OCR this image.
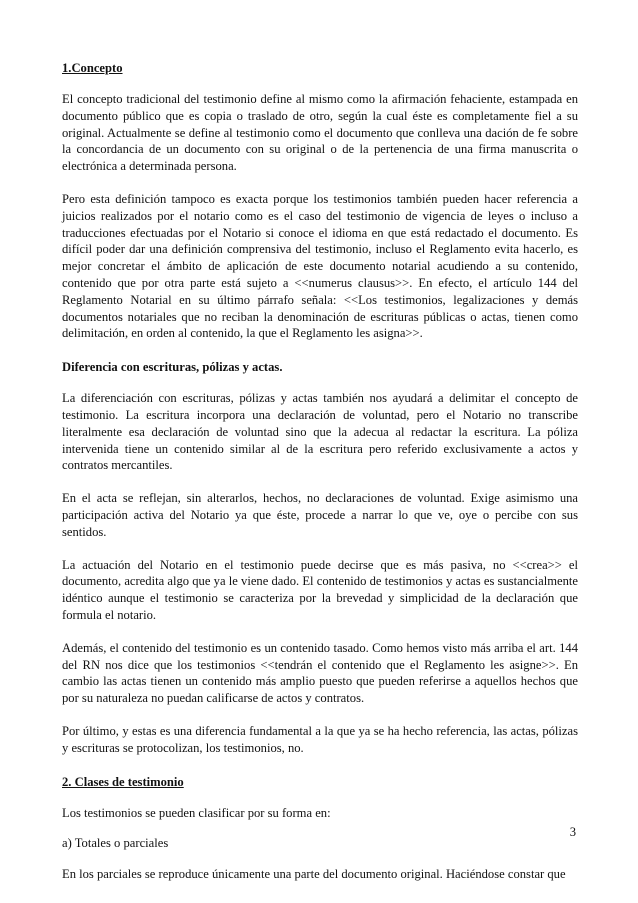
1.Concepto

El concepto tradicional del testimonio define al mismo como la afirmación fehaciente, estampada en documento público que es copia o traslado de otro, según la cual éste es completamente fiel a su original. Actualmente se define al testimonio como el documento que conlleva una dación de fe sobre la concordancia de un documento con su original o de la pertenencia de una firma manuscrita o electrónica a determinada persona.

Pero esta definición tampoco es exacta porque los testimonios también pueden hacer referencia a juicios realizados por el notario como es el caso del testimonio de vigencia de leyes o incluso a traducciones efectuadas por el Notario si conoce el idioma en que está redactado el documento. Es difícil poder dar una definición comprensiva del testimonio, incluso el Reglamento evita hacerlo, es mejor concretar el ámbito de aplicación de este documento notarial acudiendo a su contenido, contenido que por otra parte está sujeto a <<numerus clausus>>. En efecto, el artículo 144 del Reglamento Notarial en su último párrafo señala: <<Los testimonios, legalizaciones y demás documentos notariales que no reciban la denominación de escrituras públicas o actas, tienen como delimitación, en orden al contenido, la que el Reglamento les asigna>>.

Diferencia con escrituras, pólizas y actas.

La diferenciación con escrituras, pólizas y actas también nos ayudará a delimitar el concepto de testimonio. La escritura incorpora una declaración de voluntad, pero el Notario no transcribe literalmente esa declaración de voluntad sino que la adecua al redactar la escritura. La póliza intervenida tiene un contenido similar al de la escritura pero referido exclusivamente a actos y contratos mercantiles.

En el acta se reflejan, sin alterarlos, hechos, no declaraciones de voluntad. Exige asimismo una participación activa del Notario ya que éste, procede a narrar lo que ve, oye o percibe con sus sentidos.

La actuación del Notario en el testimonio puede decirse que es más pasiva, no <<crea>> el documento, acredita algo que ya le viene dado. El contenido de testimonios y actas es sustancialmente idéntico aunque el testimonio se caracteriza por la brevedad y simplicidad de la declaración que formula el notario.

Además, el contenido del testimonio es un contenido tasado. Como hemos visto más arriba el art. 144 del RN nos dice que los testimonios <<tendrán el contenido que el Reglamento les asigne>>. En cambio las actas tienen un contenido más amplio puesto que pueden referirse a aquellos hechos que por su naturaleza no puedan calificarse de actos y contratos.

Por último, y estas es una diferencia fundamental a la que ya se ha hecho referencia, las actas, pólizas y escrituras se protocolizan, los testimonios, no.

2. Clases de testimonio

Los testimonios se pueden clasificar por su forma en:

a) Totales o parciales

En los parciales se reproduce únicamente una parte del documento original. Haciéndose constar que

3
